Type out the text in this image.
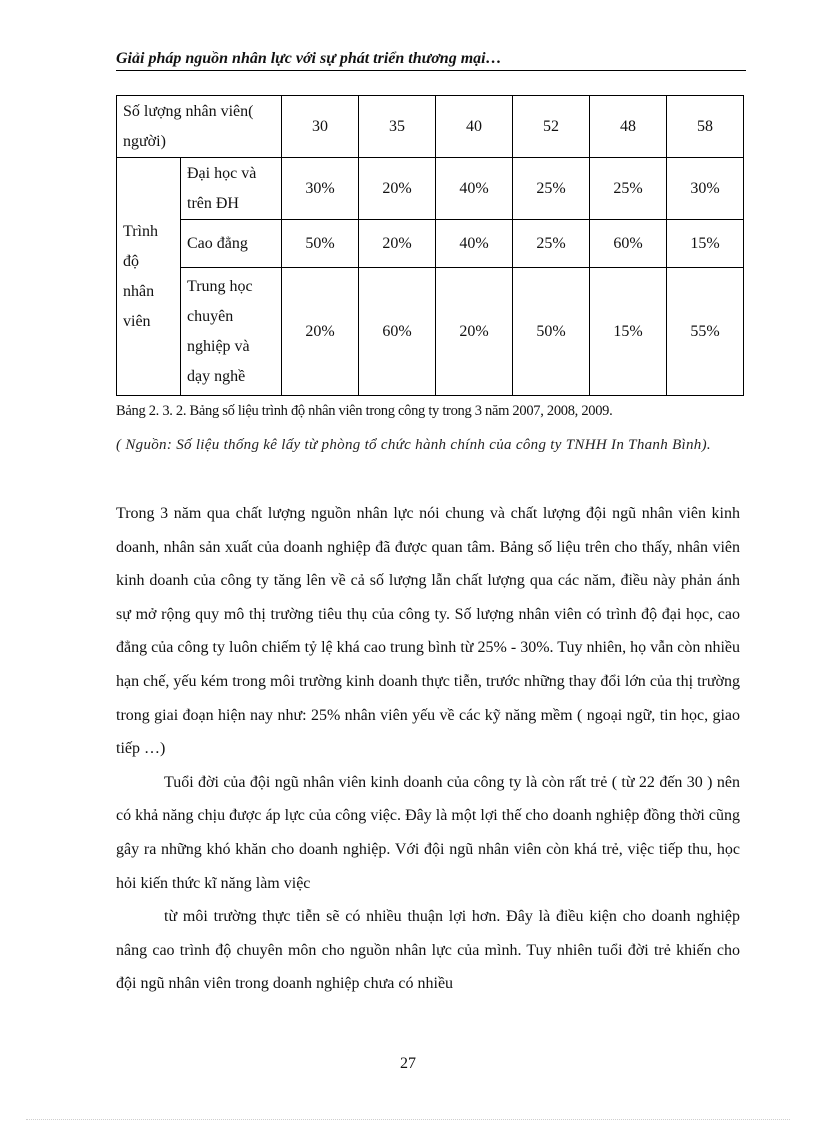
Giải pháp nguồn nhân lực với sự phát triển thương mại…
Số lượng nhân viên( người)		30	35	40	52	48	58
Trình độ nhân viên	Đại học và trên ĐH	30%	20%	40%	25%	25%	30%
	Cao đẳng	50%	20%	40%	25%	60%	15%
	Trung học chuyên nghiệp và dạy nghề	20%	60%	20%	50%	15%	55%
Bảng 2. 3. 2. Bảng số liệu trình độ nhân viên trong công ty trong 3 năm 2007, 2008, 2009.
( Nguồn: Số liệu thống kê lấy từ phòng tổ chức hành chính của công ty TNHH In Thanh Bình).

Trong 3 năm qua chất lượng nguồn nhân lực nói chung và chất lượng đội ngũ nhân viên kinh doanh, nhân sản xuất của doanh nghiệp đã được quan tâm. Bảng số liệu trên cho thấy, nhân viên kinh doanh của công ty tăng lên về cả số lượng lẫn chất lượng qua các năm, điều này phản ánh sự mở rộng quy mô thị trường tiêu thụ của công ty. Số lượng nhân viên có trình độ đại học, cao đẳng của công ty luôn chiếm tỷ lệ khá cao trung bình từ 25% - 30%. Tuy nhiên, họ vẫn còn nhiều hạn chế, yếu kém trong môi trường kinh doanh thực tiễn, trước những thay đổi lớn của thị trường trong giai đoạn hiện nay như: 25% nhân viên yếu về các kỹ năng mềm ( ngoại ngữ, tin học, giao tiếp …)

Tuổi đời của đội ngũ nhân viên kinh doanh của công ty là còn rất trẻ ( từ 22 đến 30 ) nên có khả năng chịu được áp lực của công việc. Đây là một lợi thế cho doanh nghiệp đồng thời cũng gây ra những khó khăn cho doanh nghiệp. Với đội ngũ nhân viên còn khá trẻ, việc tiếp thu, học hỏi kiến thức kĩ năng làm việc

từ môi trường thực tiễn sẽ có nhiều thuận lợi hơn. Đây là điều kiện cho doanh nghiệp nâng cao trình độ chuyên môn cho nguồn nhân lực của mình. Tuy nhiên tuổi đời trẻ khiến cho đội ngũ nhân viên trong doanh nghiệp chưa có nhiều

27
